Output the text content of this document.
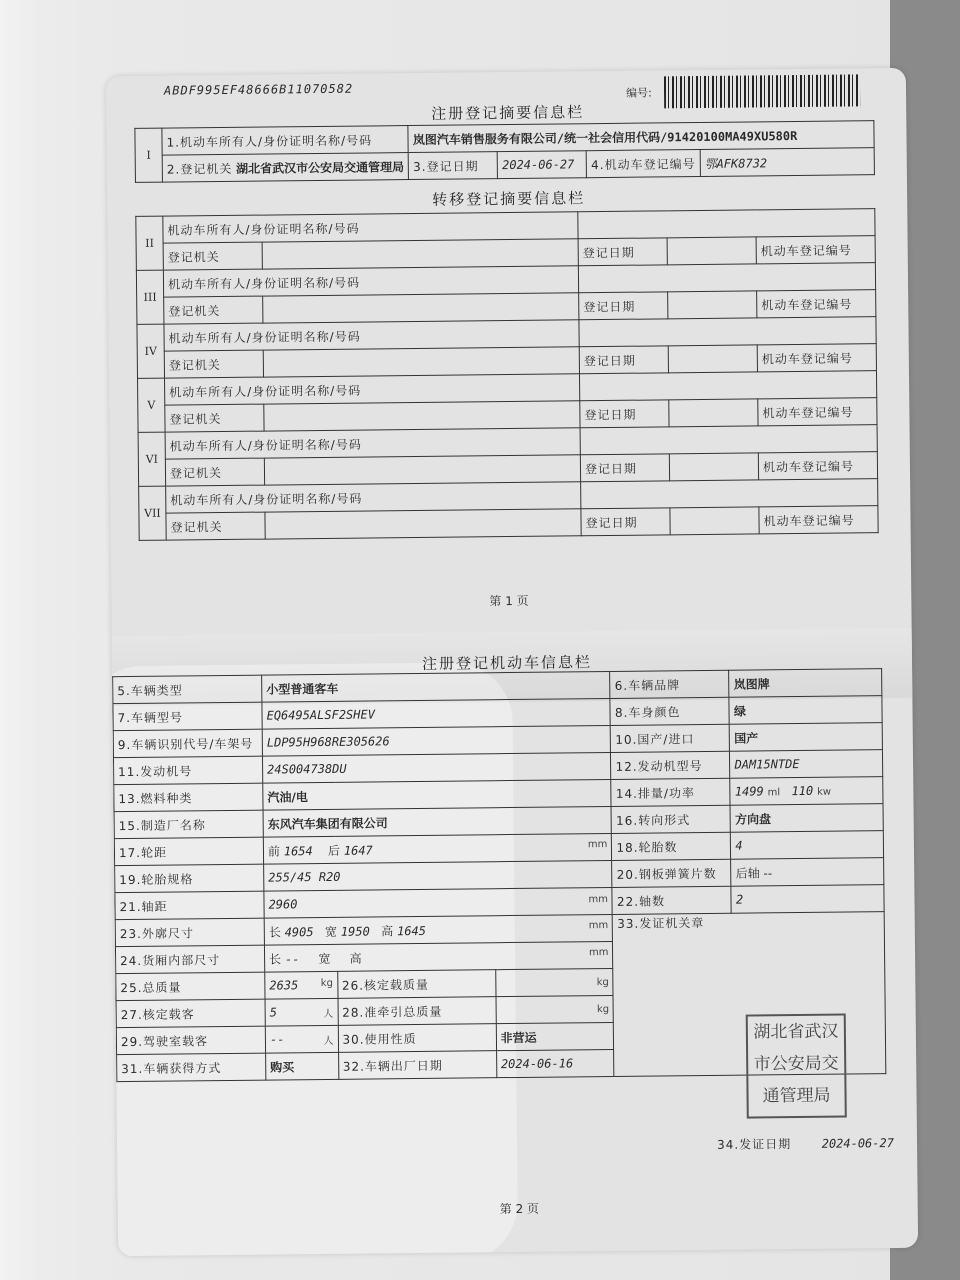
ABDF995EF48666B11070582	编号:
注册登记摘要信息栏
I	1.机动车所有人/身份证明名称/号码	岚图汽车销售服务有限公司/统一社会信用代码/91420100MA49XU580R			
	2.登记机关 湖北省武汉市公安局交通管理局	3.登记日期	2024-06-27	4.机动车登记编号	鄂AFK8732
转移登记摘要信息栏
II	机动车所有人/身份证明名称/号码				
	登记机关		登记日期		机动车登记编号
III	机动车所有人/身份证明名称/号码				
	登记机关		登记日期		机动车登记编号
IV	机动车所有人/身份证明名称/号码				
	登记机关		登记日期		机动车登记编号
V	机动车所有人/身份证明名称/号码				
	登记机关		登记日期		机动车登记编号
VI	机动车所有人/身份证明名称/号码				
	登记机关		登记日期		机动车登记编号
VII	机动车所有人/身份证明名称/号码				
	登记机关		登记日期		机动车登记编号
第 1 页
注册登记机动车信息栏
5.车辆类型	小型普通客车			6.车辆品牌	岚图牌
7.车辆型号	EQ6495ALSF2SHEV			8.车身颜色	绿
9.车辆识别代号/车架号	LDP95H968RE305626			10.国产/进口	国产
11.发动机号	24S004738DU			12.发动机型号	DAM15NTDE
13.燃料种类	汽油/电			14.排量/功率	1499 ml 110 kw
15.制造厂名称	东风汽车集团有限公司			16.转向形式	方向盘
17.轮距	前 1654 后 1647 mm			18.轮胎数	4
19.轮胎规格	255/45 R20			20.钢板弹簧片数	后轴 --
21.轴距	2960 mm			22.轴数	2
23.外廓尺寸	长 4905 宽 1950 高 1645 mm			33.发证机关章	

24.货厢内部尺寸	长 -- 宽 高 mm				

25.总质量	2635 kg	26.核定载质量	kg		

27.核定载客	5 人	28.准牵引总质量	kg		

29.驾驶室载客	-- 人	30.使用性质	非营运		
31.车辆获得方式	购买	32.车辆出厂日期	2024-06-16		
湖北省武汉
市公安局交
通管理局
34.发证日期	2024-06-27
第 2 页
